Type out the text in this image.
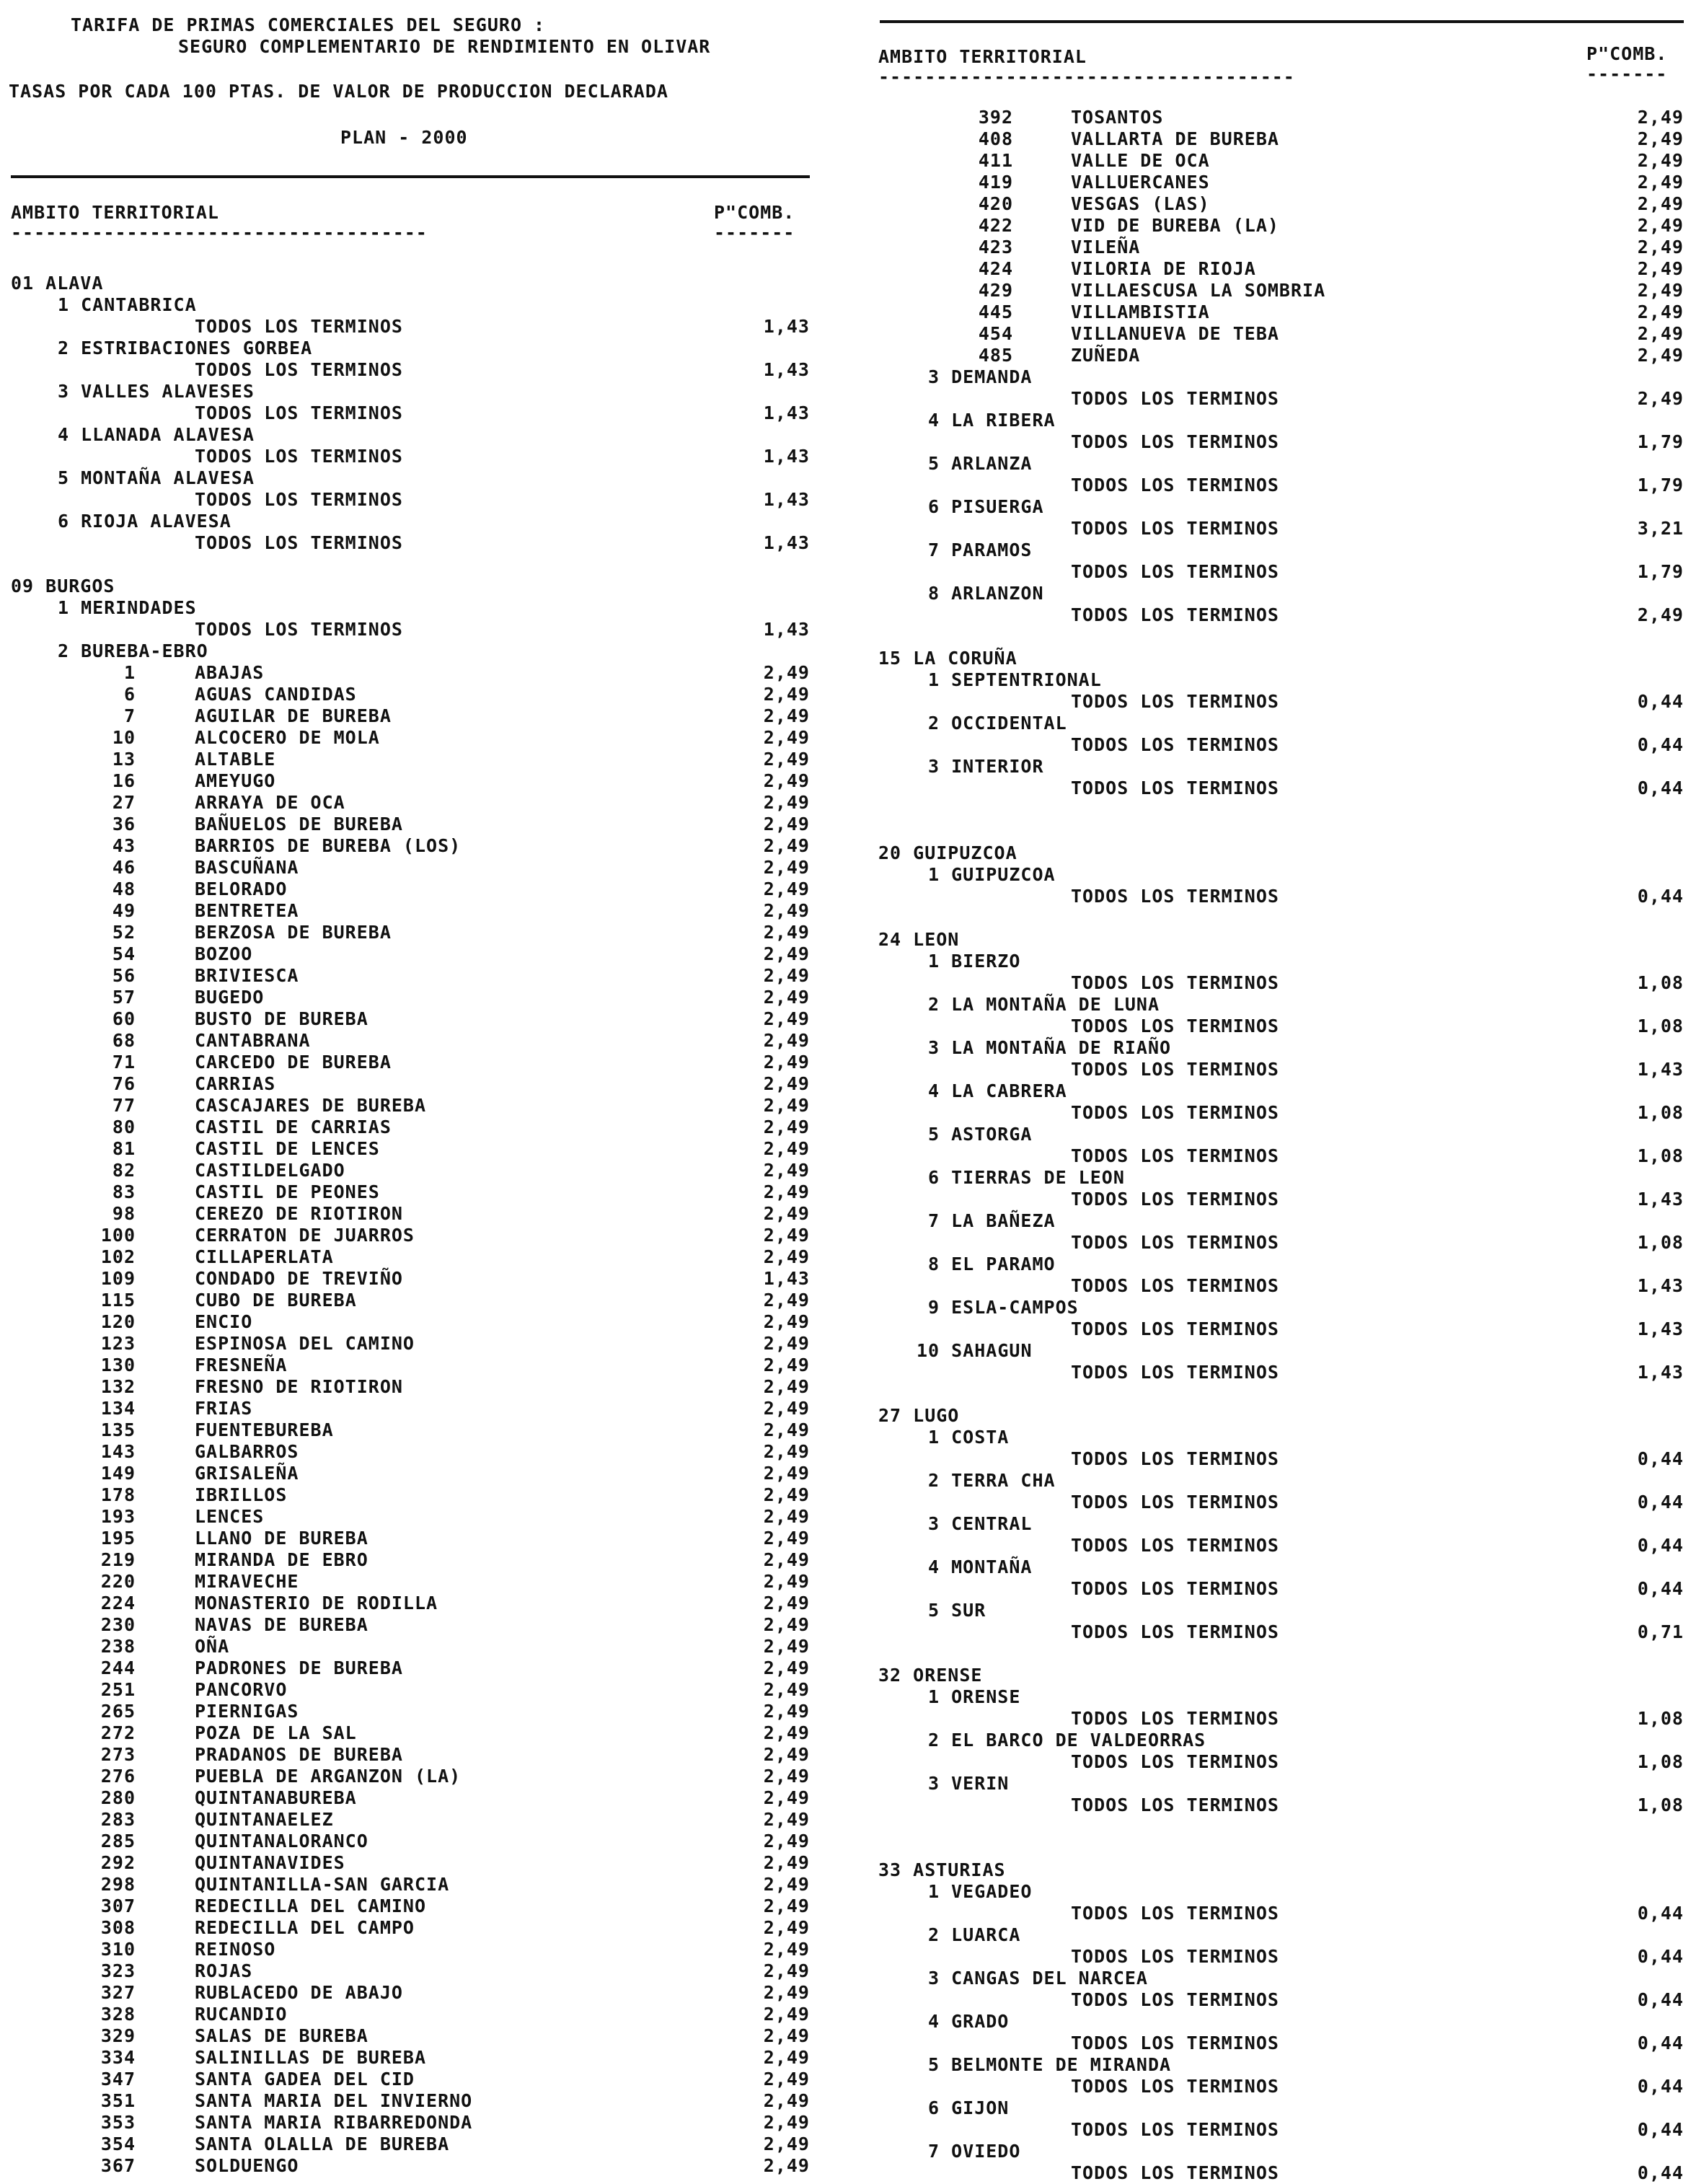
TARIFA DE PRIMAS COMERCIALES DEL SEGURO :
SEGURO COMPLEMENTARIO DE RENDIMIENTO EN OLIVAR
TASAS POR CADA 100 PTAS. DE VALOR DE PRODUCCION DECLARADA
PLAN - 2000
AMBITO TERRITORIAL	P"COMB.
------------------------------------	-------
01 ALAVA
1 CANTABRICA
TODOS LOS TERMINOS	1,43
2 ESTRIBACIONES GORBEA
TODOS LOS TERMINOS	1,43
3 VALLES ALAVESES
TODOS LOS TERMINOS	1,43
4 LLANADA ALAVESA
TODOS LOS TERMINOS	1,43
5 MONTAÑA ALAVESA
TODOS LOS TERMINOS	1,43
6 RIOJA ALAVESA
TODOS LOS TERMINOS	1,43
09 BURGOS
1 MERINDADES
TODOS LOS TERMINOS	1,43
2 BUREBA-EBRO
1	ABAJAS	2,49
6	AGUAS CANDIDAS	2,49
7	AGUILAR DE BUREBA	2,49
10	ALCOCERO DE MOLA	2,49
13	ALTABLE	2,49
16	AMEYUGO	2,49
27	ARRAYA DE OCA	2,49
36	BAÑUELOS DE BUREBA	2,49
43	BARRIOS DE BUREBA (LOS)	2,49
46	BASCUÑANA	2,49
48	BELORADO	2,49
49	BENTRETEA	2,49
52	BERZOSA DE BUREBA	2,49
54	BOZOO	2,49
56	BRIVIESCA	2,49
57	BUGEDO	2,49
60	BUSTO DE BUREBA	2,49
68	CANTABRANA	2,49
71	CARCEDO DE BUREBA	2,49
76	CARRIAS	2,49
77	CASCAJARES DE BUREBA	2,49
80	CASTIL DE CARRIAS	2,49
81	CASTIL DE LENCES	2,49
82	CASTILDELGADO	2,49
83	CASTIL DE PEONES	2,49
98	CEREZO DE RIOTIRON	2,49
100	CERRATON DE JUARROS	2,49
102	CILLAPERLATA	2,49
109	CONDADO DE TREVIÑO	1,43
115	CUBO DE BUREBA	2,49
120	ENCIO	2,49
123	ESPINOSA DEL CAMINO	2,49
130	FRESNEÑA	2,49
132	FRESNO DE RIOTIRON	2,49
134	FRIAS	2,49
135	FUENTEBUREBA	2,49
143	GALBARROS	2,49
149	GRISALEÑA	2,49
178	IBRILLOS	2,49
193	LENCES	2,49
195	LLANO DE BUREBA	2,49
219	MIRANDA DE EBRO	2,49
220	MIRAVECHE	2,49
224	MONASTERIO DE RODILLA	2,49
230	NAVAS DE BUREBA	2,49
238	OÑA	2,49
244	PADRONES DE BUREBA	2,49
251	PANCORVO	2,49
265	PIERNIGAS	2,49
272	POZA DE LA SAL	2,49
273	PRADANOS DE BUREBA	2,49
276	PUEBLA DE ARGANZON (LA)	2,49
280	QUINTANABUREBA	2,49
283	QUINTANAELEZ	2,49
285	QUINTANALORANCO	2,49
292	QUINTANAVIDES	2,49
298	QUINTANILLA-SAN GARCIA	2,49
307	REDECILLA DEL CAMINO	2,49
308	REDECILLA DEL CAMPO	2,49
310	REINOSO	2,49
323	ROJAS	2,49
327	RUBLACEDO DE ABAJO	2,49
328	RUCANDIO	2,49
329	SALAS DE BUREBA	2,49
334	SALINILLAS DE BUREBA	2,49
347	SANTA GADEA DEL CID	2,49
351	SANTA MARIA DEL INVIERNO	2,49
353	SANTA MARIA RIBARREDONDA	2,49
354	SANTA OLALLA DE BUREBA	2,49
367	SOLDUENGO	2,49
AMBITO TERRITORIAL	P"COMB.
------------------------------------	-------
392	TOSANTOS	2,49
408	VALLARTA DE BUREBA	2,49
411	VALLE DE OCA	2,49
419	VALLUERCANES	2,49
420	VESGAS (LAS)	2,49
422	VID DE BUREBA (LA)	2,49
423	VILEÑA	2,49
424	VILORIA DE RIOJA	2,49
429	VILLAESCUSA LA SOMBRIA	2,49
445	VILLAMBISTIA	2,49
454	VILLANUEVA DE TEBA	2,49
485	ZUÑEDA	2,49
3 DEMANDA
TODOS LOS TERMINOS	2,49
4 LA RIBERA
TODOS LOS TERMINOS	1,79
5 ARLANZA
TODOS LOS TERMINOS	1,79
6 PISUERGA
TODOS LOS TERMINOS	3,21
7 PARAMOS
TODOS LOS TERMINOS	1,79
8 ARLANZON
TODOS LOS TERMINOS	2,49
15 LA CORUÑA
1 SEPTENTRIONAL
TODOS LOS TERMINOS	0,44
2 OCCIDENTAL
TODOS LOS TERMINOS	0,44
3 INTERIOR
TODOS LOS TERMINOS	0,44
20 GUIPUZCOA
1 GUIPUZCOA
TODOS LOS TERMINOS	0,44
24 LEON
1 BIERZO
TODOS LOS TERMINOS	1,08
2 LA MONTAÑA DE LUNA
TODOS LOS TERMINOS	1,08
3 LA MONTAÑA DE RIAÑO
TODOS LOS TERMINOS	1,43
4 LA CABRERA
TODOS LOS TERMINOS	1,08
5 ASTORGA
TODOS LOS TERMINOS	1,08
6 TIERRAS DE LEON
TODOS LOS TERMINOS	1,43
7 LA BAÑEZA
TODOS LOS TERMINOS	1,08
8 EL PARAMO
TODOS LOS TERMINOS	1,43
9 ESLA-CAMPOS
TODOS LOS TERMINOS	1,43
10 SAHAGUN
TODOS LOS TERMINOS	1,43
27 LUGO
1 COSTA
TODOS LOS TERMINOS	0,44
2 TERRA CHA
TODOS LOS TERMINOS	0,44
3 CENTRAL
TODOS LOS TERMINOS	0,44
4 MONTAÑA
TODOS LOS TERMINOS	0,44
5 SUR
TODOS LOS TERMINOS	0,71
32 ORENSE
1 ORENSE
TODOS LOS TERMINOS	1,08
2 EL BARCO DE VALDEORRAS
TODOS LOS TERMINOS	1,08
3 VERIN
TODOS LOS TERMINOS	1,08
33 ASTURIAS
1 VEGADEO
TODOS LOS TERMINOS	0,44
2 LUARCA
TODOS LOS TERMINOS	0,44
3 CANGAS DEL NARCEA
TODOS LOS TERMINOS	0,44
4 GRADO
TODOS LOS TERMINOS	0,44
5 BELMONTE DE MIRANDA
TODOS LOS TERMINOS	0,44
6 GIJON
TODOS LOS TERMINOS	0,44
7 OVIEDO
TODOS LOS TERMINOS	0,44
